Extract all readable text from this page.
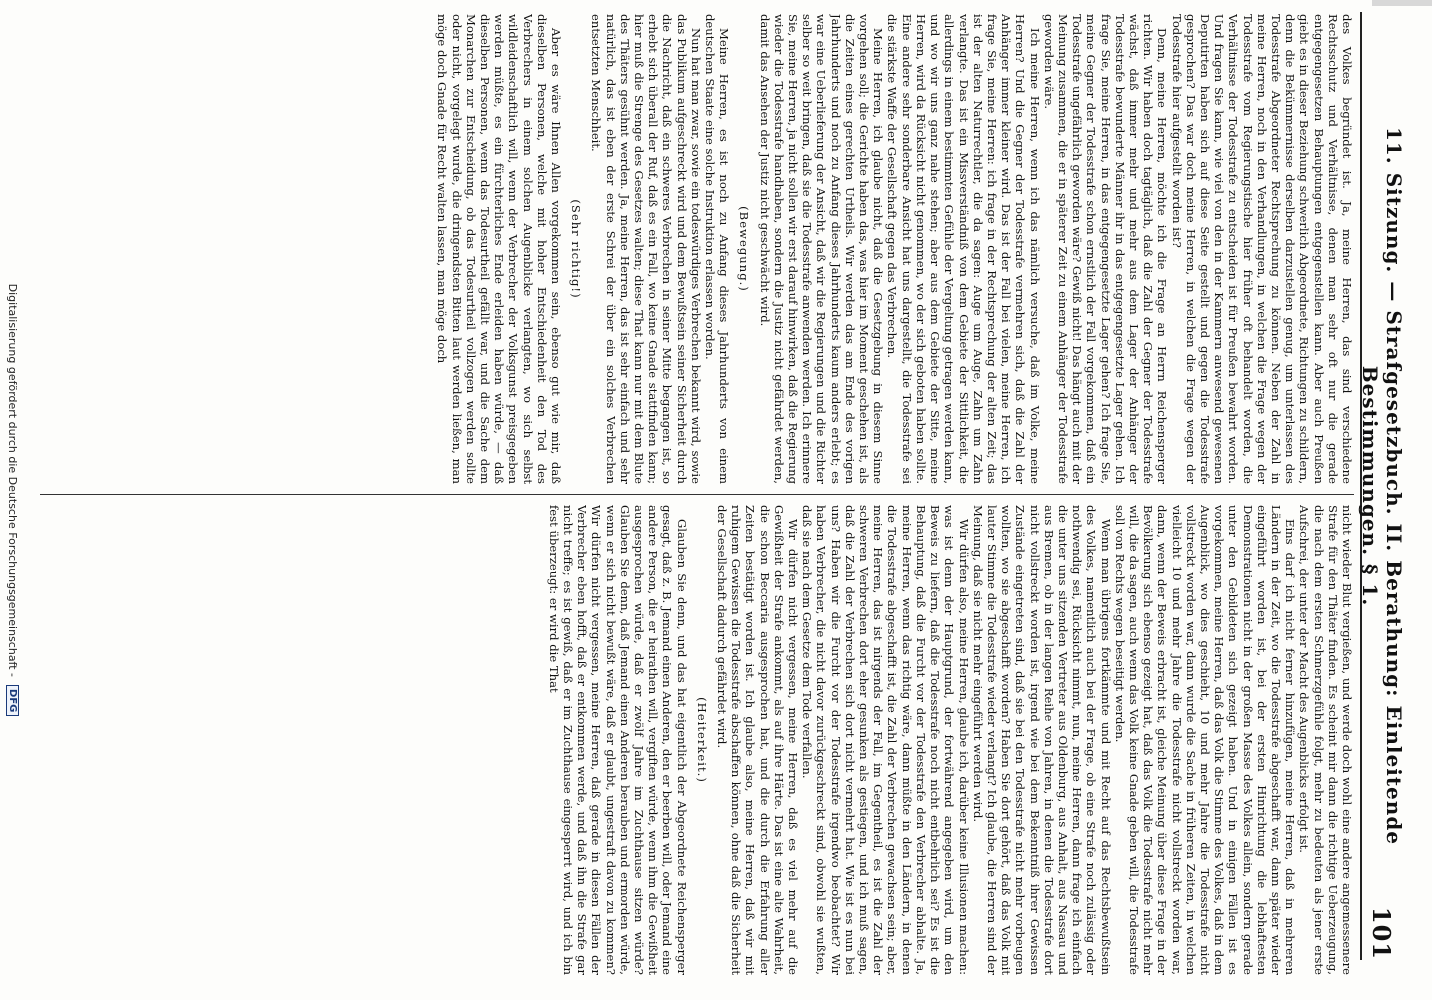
11. Sitzung. — Strafgesetzbuch. II. Berathung: Einleitende Bestimmungen. § 1.
101

des Volkes begründet ist. Ja, meine Herren, das sind verschiedene Rechtsschutz und Verhältnisse, denen man sehr oft nur die gerade entgegengesetzen Behauptungen entgegenstellen kann. Aber auch Preußen giebt es in dieser Beziehung schwerlich Abgeordnete, Richtungen zu schildern, denn die Bekümmernisse derselben darzustellen genug, um unterlassen des Todesstrafe Abgeordneter Rechtsprechung zu können. Neben der Zahl in meine Herren, noch in den Verhandlungen, in welchen die Frage wegen der Todesstrafe vom Regierungstische hier früher oft behandelt worden, die Verhältnisse der Todesstrafe zu entscheiden ist für Preußen bewahrt worden. Und fragen Sie kann, wie viel von den in der Kammern anwesend gewesenen Deputirten haben sich auf diese Seite gestellt und gegen die Todesstrafe gesprochen? Das war doch meine Herren, in welchen die Frage wegen der Todesstrafe hier aufgestellt worden ist?

Denn, meine Herren, möchte ich die Frage an Herrn Reichensperger richten. Wir haben doch tagtäglich, daß die Zahl der Gegner der Todesstrafe wächst, daß immer mehr und mehr aus dem Lager der Anhänger der Todesstrafe bewunderte Männer ihr in das entgegengesetzte Lager gehen. Ich frage Sie, meine Herren, in das entgegengesetzte Lager gehen? Ich frage Sie, meine Gegner der Todesstrafe schon ernstlich der Fall vorgekommen, daß ein Todesstrafe ungefährlich geworden wäre? Gewiß nicht! Das hängt auch mit der Meinung zusammen, die er in späterer Zeit zu einem Anhänger der Todesstrafe geworden wäre.

Ich meine Herren, wenn ich das nämlich versuche, daß im Volke, meine Herren? Und die Gegner der Todesstrafe vermehren sich, daß die Zahl der Anhänger immer kleiner wird. Das ist der Fall bei vielen, meine Herren, ich frage Sie, meine Herren: ich frage in der Rechtsprechung der alten Zeit; das ist der alten Naturrechtler, die da sagen: Auge um Auge, Zahn um Zahn verlangte. Das ist ein Missverständniß von dem Gebiete der Sittlichkeit, die allerdings in einem bestimmten Gefühle der Vergeltung getragen werden kann, und wo wir uns ganz nahe stehen; aber aus dem Gebiete der Sitte, meine Herren, wird da Rücksicht nicht genommen, wo der sich geboten haben sollte. Eine andere sehr sonderbare Ansicht hat uns dargestellt, die Todesstrafe sei die stärkste Waffe der Gesellschaft gegen das Verbrechen.

Meine Herren, ich glaube nicht, daß die Gesetzgebung in diesem Sinne vorgehen soll; die Gerichte haben das, was hier im Moment geschehen ist, als die Zeiten eines gerechten Urtheils. Wir werden das am Ende des vorigen Jahrhunderts und noch zu Anfang dieses Jahrhunderts kaum anders erlebt; es war eine Ueberlieferung der Ansicht, daß wir die Regierungen und die Richter selber so weit bringen, daß sie die Todesstrafe anwenden werden. Ich erinnere Sie, meine Herren, ja nicht sollen wir erst darauf hinwirken, daß die Regierung wieder die Todesstrafe handhaben, sondern die Justiz nicht gefährdet werden, damit das Ansehen der Justiz nicht geschwächt wird.

(Bewegung.)

Meine Herren, es ist noch zu Anfang dieses Jahrhunderts von einem deutschen Staate eine solche Instruktion erlassen worden.

Nun hat man zwar, sowie ein todeswürdiges Verbrechen bekannt wird, sowie das Publikum aufgeschreckt wird und dem Bewußtsein seiner Sicherheit durch die Nachricht, daß ein schweres Verbrechen in seiner Mitte begangen ist, so erhebt sich überall der Ruf, daß es ein Fall, wo keine Gnade stattfinden kann; hier muß die Strenge des Gesetzes walten; diese That kann nur mit dem Blute des Thäters gesühnt werden. Ja, meine Herren, das ist sehr einfach und sehr natürlich, das ist eben der erste Schrei der über ein solches Verbrechen entsetzten Menschheit.

(Sehr richtig!)

Aber es wäre Ihnen Allen vorgekommen sein, ebenso gut wie mir, daß dieselben Personen, welche mit hoher Entschiedenheit den Tod des Verbrechers in einem solchen Augenblicke verlangten, wo sich selbst wildleidenschaftlich will, wenn der Verbrecher der Volksgunst preisgegeben werden müßte, es ein fürchterliches Ende erleiden haben würde, — daß dieselben Personen, wenn das Todesurtheil gefällt war, und die Sache dem Monarchen zur Entscheidung, ob das Todesurtheil vollzogen werden sollte oder nicht, vorgelegt wurde, die dringendsten Bitten laut werden ließen, man möge doch Gnade für Recht walten lassen, man möge doch

nicht wieder Blut vergießen, und werde doch wohl eine andere angemessenere Strafe für den Thäter finden. Es scheint mir dann die richtige Ueberzeugung, die nach dem ersten Schmerzgefühle folgt, mehr zu bedeuten als jener erste Aufschrei, der unter der Macht des Augenblicks erfolgt ist.

Eins darf ich nicht ferner hinzufügen, meine Herren, daß in mehreren Ländern in der Zeit, wo die Todesstrafe abgeschafft war, dann später wieder eingeführt worden ist, bei der ersten Hinrichtung die lebhaftesten Demonstrationen nicht in der großen Masse des Volkes allein, sondern gerade unter den Gebildeten sich gezeigt haben. Und in einigen Fällen ist es vorgekommen, meine Herren, daß das Volk die Stimme des Volkes, daß in dem Augenblick, wo dies geschieht, 10 und mehr Jahre die Todesstrafe nicht vollstreckt worden war, dann wurde die Sache in früheren Zeiten, in welchen vielleicht 10 und mehr Jahre die Todesstrafe nicht vollstreckt worden war, dann, wenn der Beweis erbracht ist, gleiche Meinung über diese Frage in der Bevölkerung sich ebenso gezeigt hat, daß das Volk die Todesstrafe nicht mehr will, die da sagen, auch wenn das Volk keine Gnade geben will, die Todesstrafe soll von Rechts wegen beseitigt werden.

Wenn man übrigens fortkämmte und mit Recht auf das Rechtsbewußtsein des Volkes, namentlich auch bei der Frage, ob eine Strafe noch zulässig oder nothwendig sei, Rücksicht nimmt, nun, meine Herren, dann frage ich einfach die unter uns sitzenden Vertreter aus Oldenburg, aus Anhalt, aus Nassau und aus Bremen, ob in der langen Reihe von Jahren, in denen die Todesstrafe dort nicht vollstreckt worden ist, irgend wie bei dem Bekenntniß ihrer Gewissen Zustände eingetreten sind, daß sie bei den Todesstrafe nicht mehr vorbeugen wollten, wo sie abgeschafft worden? Haben Sie dort gehört, daß das Volk mit lauter Stimme die Todesstrafe wieder verlangt? Ich glaube, die Herren sind der Meinung, daß sie nicht mehr eingeführt werden wird.

Wir dürfen also, meine Herren, glaube ich, darüber keine Illusionen machen: was ist denn der Hauptgrund, der fortwährend angegeben wird, um den Beweis zu liefern, daß die Todesstrafe noch nicht entbehrlich sei? Es ist die Behauptung, daß die Furcht vor der Todesstrafe den Verbrecher abhalte. Ja, meine Herren, wenn das richtig wäre, dann müßte in den Ländern, in denen die Todesstrafe abgeschafft ist, die Zahl der Verbrechen gewachsen sein; aber, meine Herren, das ist nirgends der Fall, im Gegentheil, es ist die Zahl der schweren Verbrechen dort eher gesunken als gestiegen, und ich muß sagen, daß die Zahl der Verbrechen sich dort nicht vermehrt hat. Wie ist es nun bei uns? Haben wir die Furcht vor der Todesstrafe irgendwo beobachtet? Wir haben Verbrecher, die nicht davor zurückgeschreckt sind, obwohl sie wußten, daß sie nach dem Gesetze dem Tode verfallen.

Wir dürfen nicht vergessen, meine Herren, daß es viel mehr auf die Gewißheit der Strafe ankommt, als auf ihre Härte. Das ist eine alte Wahrheit, die schon Beccaria ausgesprochen hat, und die durch die Erfahrung aller Zeiten bestätigt worden ist. Ich glaube also, meine Herren, daß wir mit ruhigem Gewissen die Todesstrafe abschaffen können, ohne daß die Sicherheit der Gesellschaft dadurch gefährdet wird.

(Heiterkeit.)

Glauben Sie denn, und das hat eigentlich der Abgeordnete Reichensperger gesagt, daß z. B. Jemand einen Anderen, den er beerben will, oder Jemand eine andere Person, die er heirathen will, vergiften würde, wenn ihm die Gewißheit ausgesprochen würde, daß er zwölf Jahre im Zuchthause sitzen würde? Glauben Sie denn, daß Jemand einen Anderen berauben und ermorden würde, wenn er sich nicht bewußt wäre, daß er glaubt, ungestraft davon zu kommen? Wir dürfen nicht vergessen, meine Herren, daß gerade in diesen Fällen der Verbrecher eben hofft, daß er entkommen werde, und daß ihn die Strafe gar nicht treffe; es ist gewiß, daß er im Zuchthause eingesperrt wird, und ich bin fest überzeugt: er wird die That

Digitalisierung gefördert durch die Deutsche Forschungsgemeinschaft -
DFG
